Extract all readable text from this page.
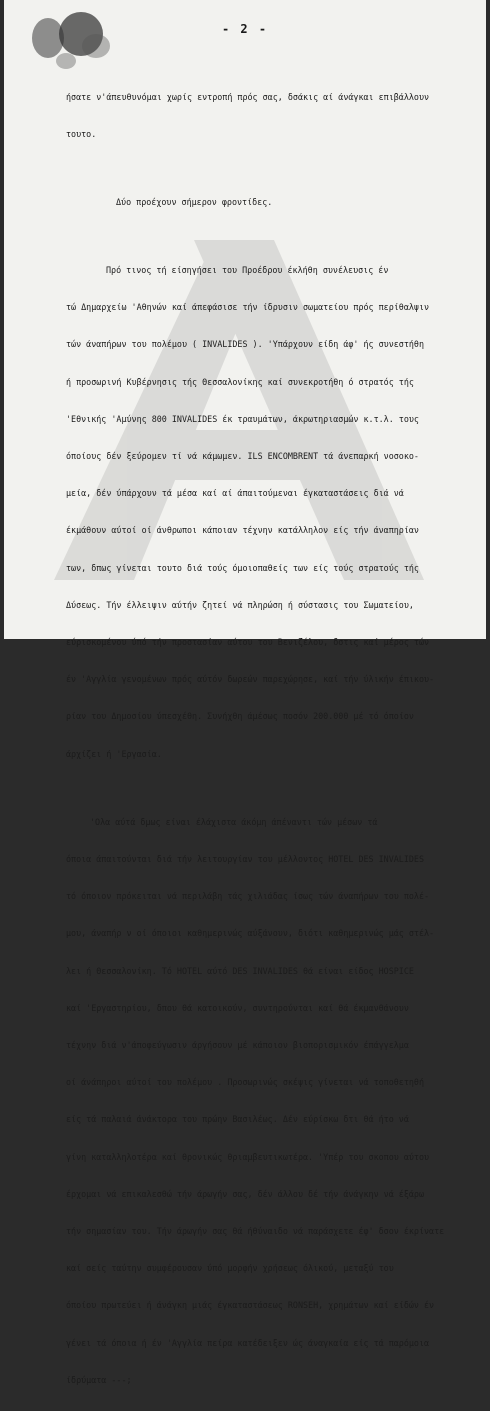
- 2 -

ήσατε ν'άπευθυνόμαι χωρίς εντροπή πρός σας, δσάκις αί άνάγκαι επιβάλλουν

τουτο.

Δύο προέχουν σήμερον φροντίδες.

Πρό τινος τή είσηγήσει του Προέδρου έκλήθη συνέλευσις έν

τώ Δημαρχείω 'Αθηνών καί άπεφάσισε τήν ίδρυσιν σωματείου πρός περίθαλψιν

τών άναπήρων του πολέμου ( INVALIDES ). 'Υπάρχουν είδη άφ' ής συνεστήθη

ή προσωρινή Κυβέρνησις τής Θεσσαλονίκης καί συνεκροτήθη ό στρατός τής

'Εθνικής 'Αμύνης 800 INVALIDES έκ τραυμάτων, άκρωτηριασμών κ.τ.λ. τους

όποίους δέν ξεύρομεν τί νά κάμωμεν. ILS ENCOMBRENT τά άνεπαρκή νοσοκο-

μεία, δέν ύπάρχουν τά μέσα καί αί άπαιτούμεναι έγκαταστάσεις διά νά

έκμάθουν αύτοί οί άνθρωποι κάποιαν τέχνην κατάλληλον είς τήν άναπηρίαν

των, δπως γίνεται τουτο διά τούς όμοιοπαθείς των είς τούς στρατούς τής

Δύσεως. Τήν έλλειψιν αύτήν ζητεί νά πληρώση ή σύστασις του Σωματείου,

εύρισκομένου ύπό τήν προστασίαν αύτου του Βενιζέλου, δστις καί μέρος τών

έν 'Αγγλία γενομένων πρός αύτόν δωρεών παρεχώρησε, καί τήν ύλικήν έπικου-

ρίαν του Δημοσίου ύπεσχέθη. Συνήχθη άμέσως ποσόν 200.000 μέ τό όποίον

άρχίζει ή 'Εργασία.

'Ολα αύτά δμως είναι έλάχιστα άκόμη άπέναντι τών μέσων τά

όποια άπαιτούνται διά τήν λειτουργίαν του μέλλοντος HOTEL DES INVALIDES

τό όποιον πρόκειται νά περιλάβη τάς χιλιάδας ίσως τών άναπήρων του πολέ-

μου, άναπήρ ν οί όποιοι καθημερινώς αύξάνουν, διότι καθημερινώς μάς στέλ-

λει ή Θεσσαλονίκη. Τό HOTEL αύτό DES INVALIDES θά είναι είδος HOSPICE

καί 'Εργαστηρίου, δπου θά κατοικούν, συντηρούνται καί θά έκμανθάνουν

τέχνην διά ν'άποφεύγωσιν άργήσουν μέ κάποιον βιοπορισμικόν έπάγγελμα

οί άνάπηροι αύτοί του πολέμου . Προσωρινώς σκέψις γίνεται νά τοποθετηθή

είς τά παλαιά άνάκτορα του πρώην Βασιλέως. Δέν εύρίσκω δτι θά ήτο νά

γίνη καταλληλοτέρα καί θρονικώς θριαμβευτικωτέρα. 'Υπέρ του σκοπου αύτου

έρχομαι νά επικαλεσθώ τήν άρωγήν σας, δέν άλλου δέ τήν άνάγκην νά έξάρω

τήν σημασίαν του. Τήν άρωγήν σας θά ήθύναιδο νά παράσχετε έφ' δσον έκρίνατε

καί σείς ταύτην συμφέρουσαν ύπό μορφήν χρήσεως όλικού, μεταξύ του

όποίου πρωτεύει ή άνάγκη μιάς έγκαταστάσεως RONSEH, χρημάτων καί είδών έν

γένει τά όποια ή έν 'Αγγλία πείρα κατέδειξεν ώς άναγκαία είς τά παρόμοια

ίδρύματα ---;
